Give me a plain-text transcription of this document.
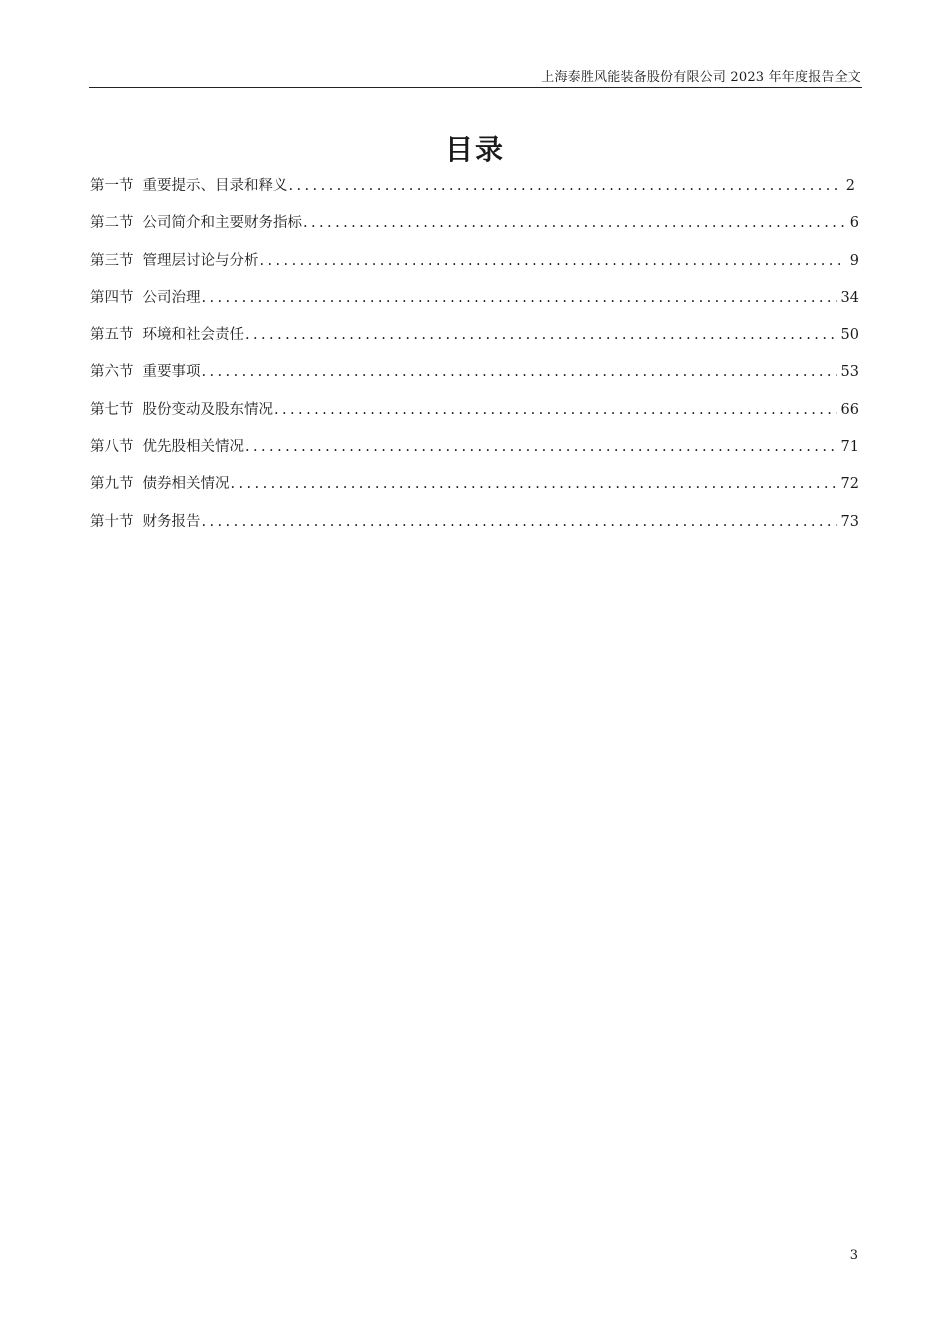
上海泰胜风能装备股份有限公司 2023 年年度报告全文
目录
第一节 重要提示、目录和释义 . . .	2
第二节 公司简介和主要财务指标 . . .	6
第三节 管理层讨论与分析 . . .	9
第四节 公司治理 . . .	34
第五节 环境和社会责任 . . .	50
第六节 重要事项 . . .	53
第七节 股份变动及股东情况 . . .	66
第八节 优先股相关情况 . . .	71
第九节 债券相关情况 . . .	72
第十节 财务报告 . . .	73
3
